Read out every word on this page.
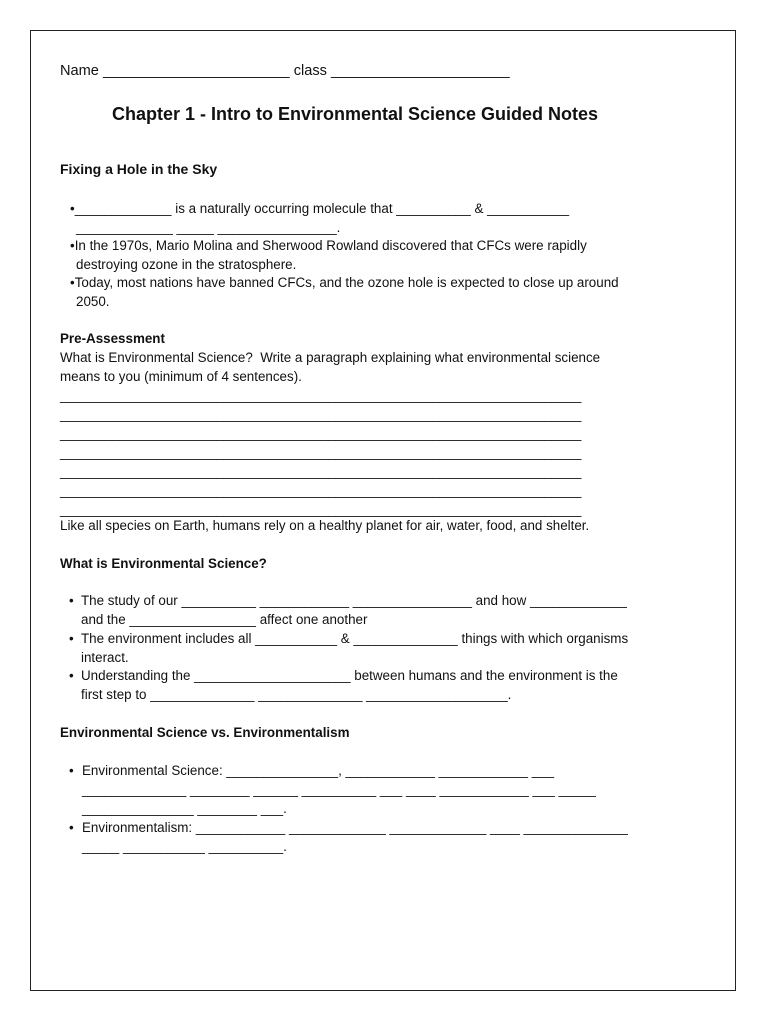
Name _______________________ class ______________________
Chapter 1 - Intro to Environmental Science Guided Notes
Fixing a Hole in the Sky
•_____________ is a naturally occurring molecule that __________ & ___________
_____________ _____ ________________.
•In the 1970s, Mario Molina and Sherwood Rowland discovered that CFCs were rapidly
destroying ozone in the stratosphere.
•Today, most nations have banned CFCs, and the ozone hole is expected to close up around
2050.
Pre-Assessment
What is Environmental Science?  Write a paragraph explaining what environmental science
means to you (minimum of 4 sentences).
______________________________________________________________________
______________________________________________________________________
______________________________________________________________________
______________________________________________________________________
______________________________________________________________________
______________________________________________________________________
______________________________________________________________________
Like all species on Earth, humans rely on a healthy planet for air, water, food, and shelter.
What is Environmental Science?
• The study of our __________ ____________ ________________ and how _____________
and the _________________ affect one another
• The environment includes all ___________ & ______________ things with which organisms
interact.
• Understanding the _____________________ between humans and the environment is the
first step to ______________ ______________ ___________________.
Environmental Science vs. Environmentalism
• Environmental Science: _______________, ____________ ____________ ___
______________ ________ ______ __________ ___ ____ ____________ ___ _____
_______________ ________ ___.
• Environmentalism: ____________ _____________ _____________ ____ ______________
_____ ___________ __________.
